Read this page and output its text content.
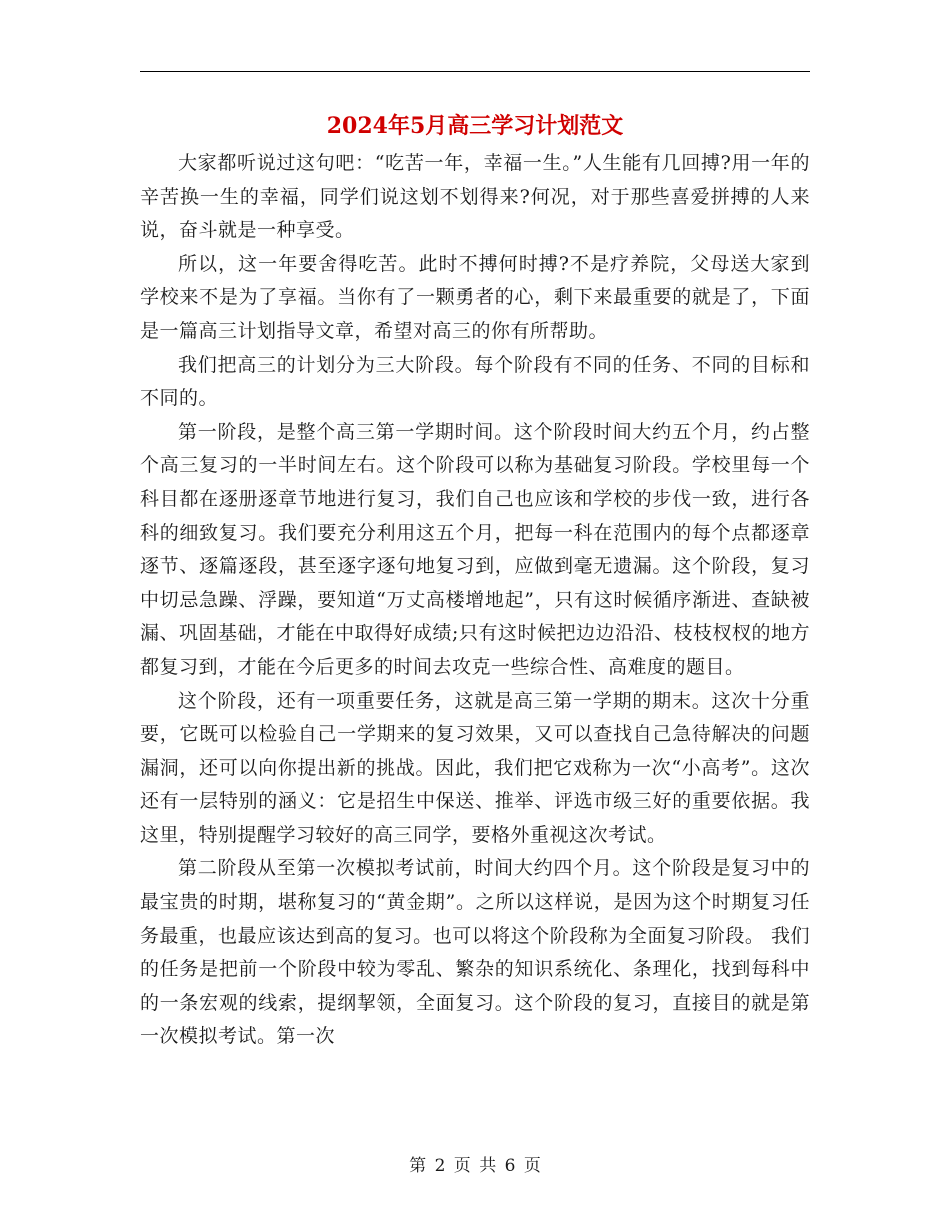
2024年5月高三学习计划范文

大家都听说过这句吧：“吃苦一年，幸福一生。”人生能有几回搏?用一年的辛苦换一生的幸福，同学们说这划不划得来?何况，对于那些喜爱拼搏的人来说，奋斗就是一种享受。

所以，这一年要舍得吃苦。此时不搏何时搏?不是疗养院，父母送大家到学校来不是为了享福。当你有了一颗勇者的心，剩下来最重要的就是了，下面是一篇高三计划指导文章，希望对高三的你有所帮助。

我们把高三的计划分为三大阶段。每个阶段有不同的任务、不同的目标和不同的。

第一阶段，是整个高三第一学期时间。这个阶段时间大约五个月，约占整个高三复习的一半时间左右。这个阶段可以称为基础复习阶段。学校里每一个科目都在逐册逐章节地进行复习，我们自己也应该和学校的步伐一致，进行各科的细致复习。我们要充分利用这五个月，把每一科在范围内的每个点都逐章逐节、逐篇逐段，甚至逐字逐句地复习到，应做到毫无遗漏。这个阶段，复习中切忌急躁、浮躁，要知道“万丈高楼增地起”，只有这时候循序渐进、查缺被漏、巩固基础，才能在中取得好成绩;只有这时候把边边沿沿、枝枝杈杈的地方都复习到，才能在今后更多的时间去攻克一些综合性、高难度的题目。

这个阶段，还有一项重要任务，这就是高三第一学期的期末。这次十分重要，它既可以检验自己一学期来的复习效果，又可以查找自己急待解决的问题漏洞，还可以向你提出新的挑战。因此，我们把它戏称为一次“小高考”。这次还有一层特别的涵义：它是招生中保送、推举、评选市级三好的重要依据。我这里，特别提醒学习较好的高三同学，要格外重视这次考试。

第二阶段从至第一次模拟考试前，时间大约四个月。这个阶段是复习中的最宝贵的时期，堪称复习的“黄金期”。之所以这样说，是因为这个时期复习任务最重，也最应该达到高的复习。也可以将这个阶段称为全面复习阶段。 我们的任务是把前一个阶段中较为零乱、繁杂的知识系统化、条理化，找到每科中的一条宏观的线索，提纲挈领，全面复习。这个阶段的复习，直接目的就是第一次模拟考试。第一次

第 2 页 共 6 页
